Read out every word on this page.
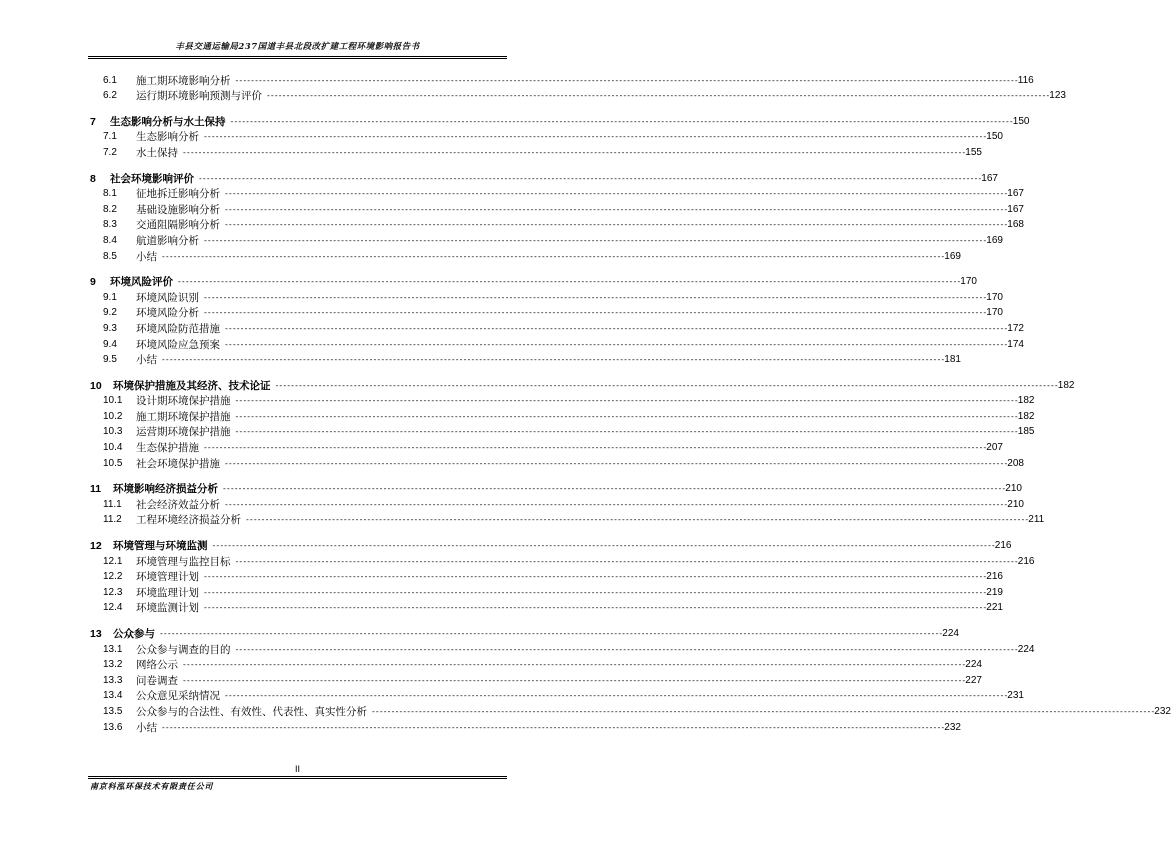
丰县交通运输局237国道丰县北段改扩建工程环境影响报告书
6.1	施工期环境影响分析 -------------------------------------------------------------------------------------------------------------------------------------------------------------------------------------------------------- 116
6.2	运行期环境影响预测与评价 -------------------------------------------------------------------------------------------------------------------------------------------------------------------------------------------------------- 123
7	生态影响分析与水土保持 -------------------------------------------------------------------------------------------------------------------------------------------------------------------------------------------------------- 150
7.1	生态影响分析 -------------------------------------------------------------------------------------------------------------------------------------------------------------------------------------------------------- 150
7.2	水土保持 -------------------------------------------------------------------------------------------------------------------------------------------------------------------------------------------------------- 155
8	社会环境影响评价 -------------------------------------------------------------------------------------------------------------------------------------------------------------------------------------------------------- 167
8.1	征地拆迁影响分析 -------------------------------------------------------------------------------------------------------------------------------------------------------------------------------------------------------- 167
8.2	基础设施影响分析 -------------------------------------------------------------------------------------------------------------------------------------------------------------------------------------------------------- 167
8.3	交通阻隔影响分析 -------------------------------------------------------------------------------------------------------------------------------------------------------------------------------------------------------- 168
8.4	航道影响分析 -------------------------------------------------------------------------------------------------------------------------------------------------------------------------------------------------------- 169
8.5	小结 -------------------------------------------------------------------------------------------------------------------------------------------------------------------------------------------------------- 169
9	环境风险评价 -------------------------------------------------------------------------------------------------------------------------------------------------------------------------------------------------------- 170
9.1	环境风险识别 -------------------------------------------------------------------------------------------------------------------------------------------------------------------------------------------------------- 170
9.2	环境风险分析 -------------------------------------------------------------------------------------------------------------------------------------------------------------------------------------------------------- 170
9.3	环境风险防范措施 -------------------------------------------------------------------------------------------------------------------------------------------------------------------------------------------------------- 172
9.4	环境风险应急预案 -------------------------------------------------------------------------------------------------------------------------------------------------------------------------------------------------------- 174
9.5	小结 -------------------------------------------------------------------------------------------------------------------------------------------------------------------------------------------------------- 181
10	环境保护措施及其经济、技术论证 -------------------------------------------------------------------------------------------------------------------------------------------------------------------------------------------------------- 182
10.1	设计期环境保护措施 -------------------------------------------------------------------------------------------------------------------------------------------------------------------------------------------------------- 182
10.2	施工期环境保护措施 -------------------------------------------------------------------------------------------------------------------------------------------------------------------------------------------------------- 182
10.3	运营期环境保护措施 -------------------------------------------------------------------------------------------------------------------------------------------------------------------------------------------------------- 185
10.4	生态保护措施 -------------------------------------------------------------------------------------------------------------------------------------------------------------------------------------------------------- 207
10.5	社会环境保护措施 -------------------------------------------------------------------------------------------------------------------------------------------------------------------------------------------------------- 208
11	环境影响经济损益分析 -------------------------------------------------------------------------------------------------------------------------------------------------------------------------------------------------------- 210
11.1	社会经济效益分析 -------------------------------------------------------------------------------------------------------------------------------------------------------------------------------------------------------- 210
11.2	工程环境经济损益分析 -------------------------------------------------------------------------------------------------------------------------------------------------------------------------------------------------------- 211
12	环境管理与环境监测 -------------------------------------------------------------------------------------------------------------------------------------------------------------------------------------------------------- 216
12.1	环境管理与监控目标 -------------------------------------------------------------------------------------------------------------------------------------------------------------------------------------------------------- 216
12.2	环境管理计划 -------------------------------------------------------------------------------------------------------------------------------------------------------------------------------------------------------- 216
12.3	环境监理计划 -------------------------------------------------------------------------------------------------------------------------------------------------------------------------------------------------------- 219
12.4	环境监测计划 -------------------------------------------------------------------------------------------------------------------------------------------------------------------------------------------------------- 221
13	公众参与 -------------------------------------------------------------------------------------------------------------------------------------------------------------------------------------------------------- 224
13.1	公众参与调查的目的 -------------------------------------------------------------------------------------------------------------------------------------------------------------------------------------------------------- 224
13.2	网络公示 -------------------------------------------------------------------------------------------------------------------------------------------------------------------------------------------------------- 224
13.3	问卷调查 -------------------------------------------------------------------------------------------------------------------------------------------------------------------------------------------------------- 227
13.4	公众意见采纳情况 -------------------------------------------------------------------------------------------------------------------------------------------------------------------------------------------------------- 231
13.5	公众参与的合法性、有效性、代表性、真实性分析 -------------------------------------------------------------------------------------------------------------------------------------------------------------------------------------------------------- 232
13.6	小结 -------------------------------------------------------------------------------------------------------------------------------------------------------------------------------------------------------- 232
II
南京科泓环保技术有限责任公司
